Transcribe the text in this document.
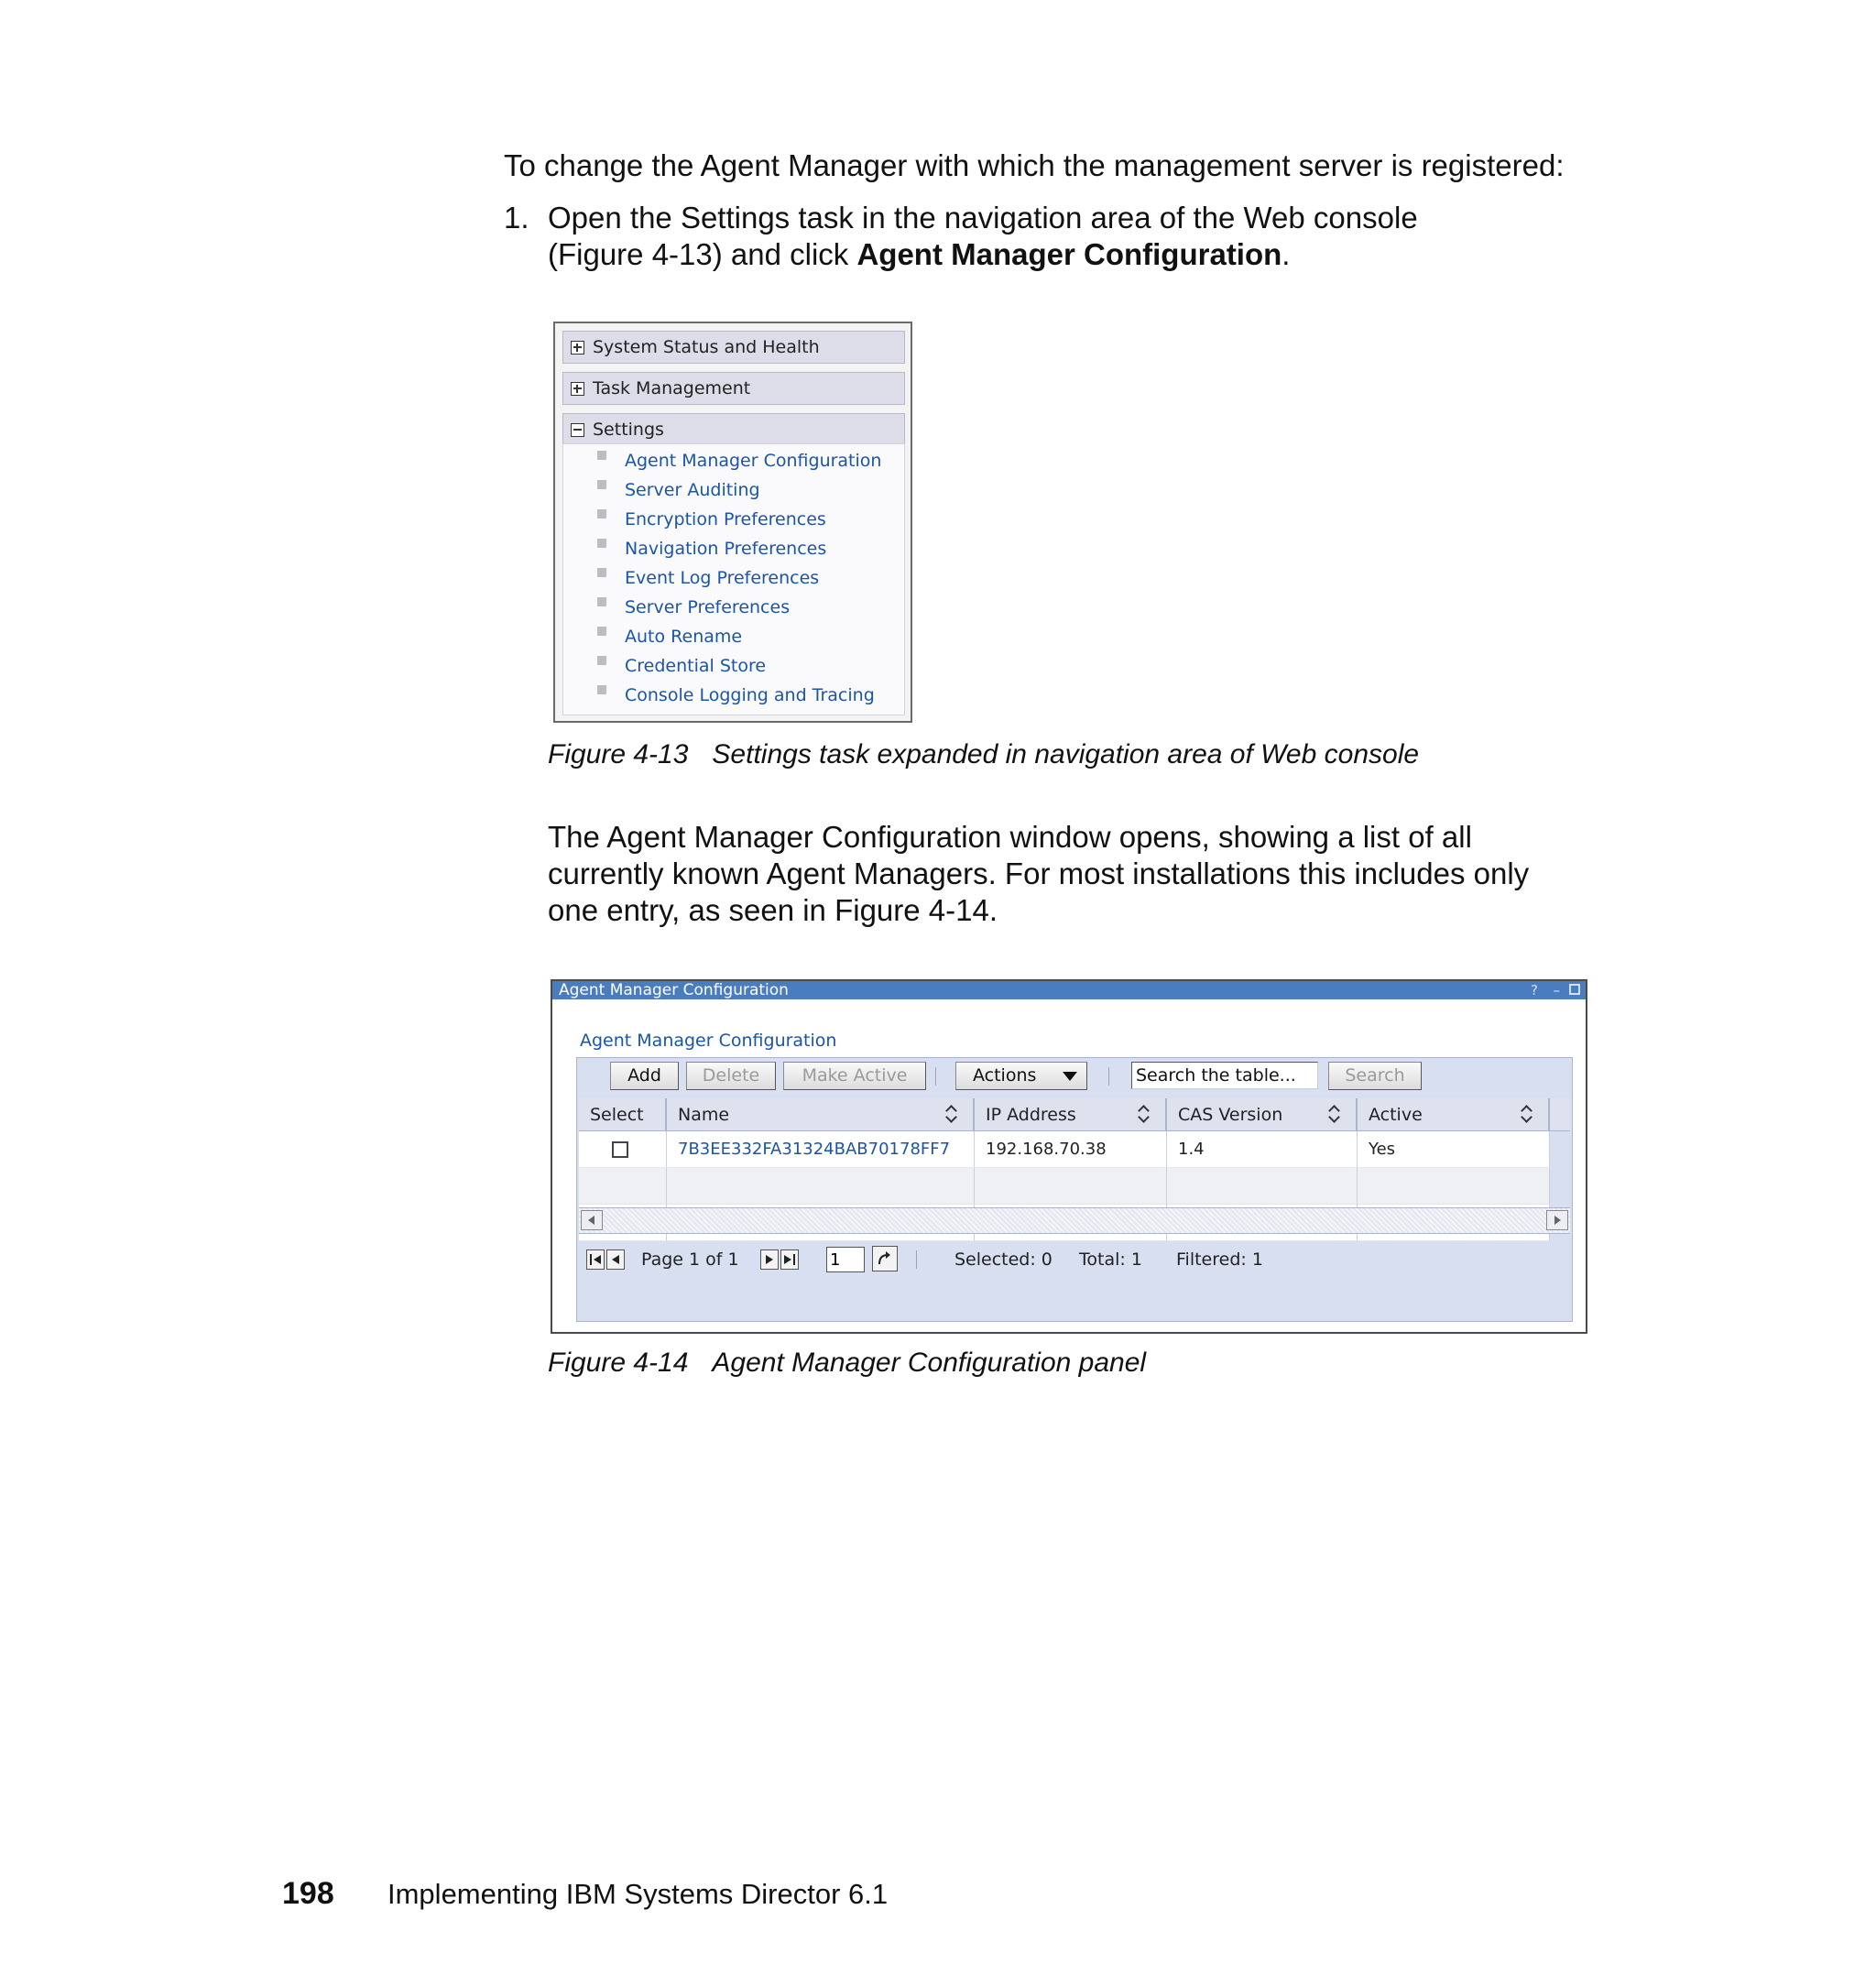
To change the Agent Manager with which the management server is registered:

1. Open the Settings task in the navigation area of the Web console

(Figure 4-13) and click Agent Manager Configuration.

System Status and Health
Task Management
Settings
Agent Manager Configuration
Server Auditing
Encryption Preferences
Navigation Preferences
Event Log Preferences
Server Preferences
Auto Rename
Credential Store
Console Logging and Tracing
Figure 4-13 Settings task expanded in navigation area of Web console

The Agent Manager Configuration window opens, showing a list of all

currently known Agent Managers. For most installations this includes only

one entry, as seen in Figure 4-14.

Agent Manager Configuration	? –
Agent Manager Configuration
Add	Delete	Make Active	Actions
Search the table...	Search
Select Name	IP Address	CAS Version	Active
7B3EE332FA31324BAB70178FF7	192.168.70.38	1.4	Yes
Page 1 of 1
1	Selected: 0 Total: 1 Filtered: 1
Figure 4-14 Agent Manager Configuration panel
198 Implementing IBM Systems Director 6.1
